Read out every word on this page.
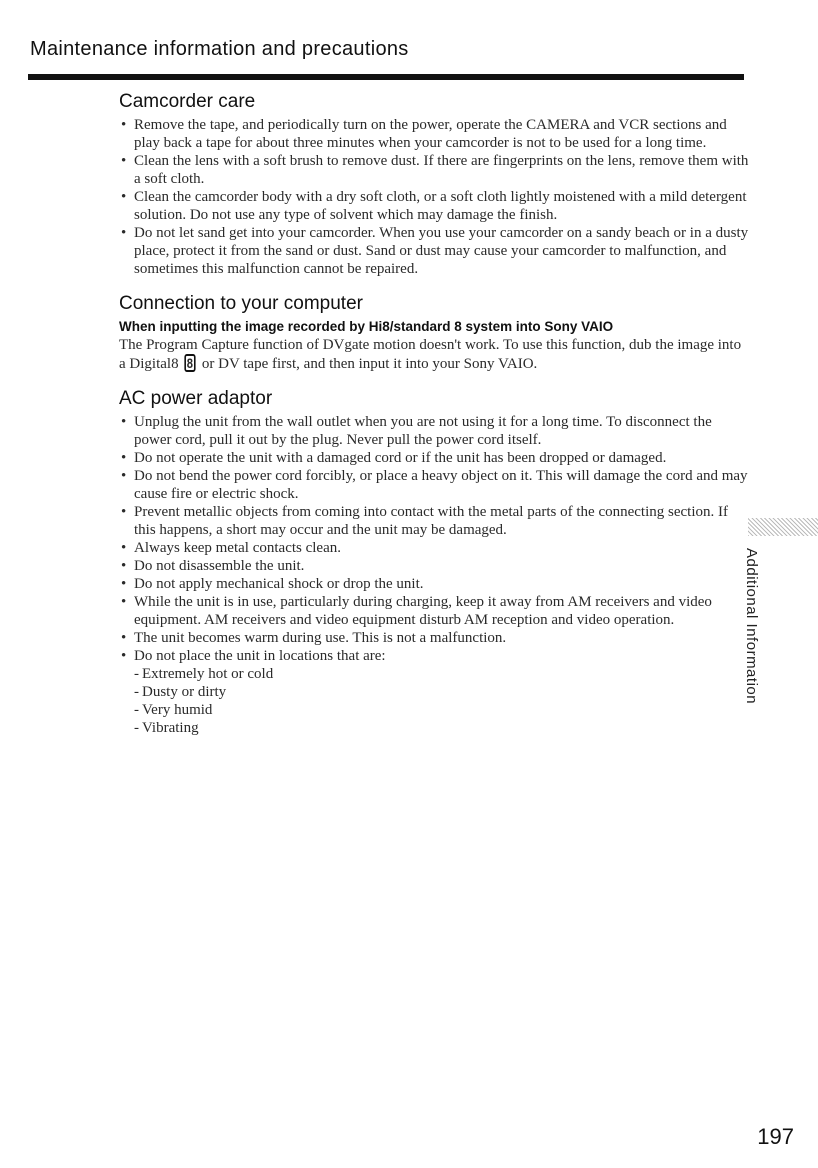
Maintenance information and precautions
Camcorder care
• Remove the tape, and periodically turn on the power, operate the CAMERA and VCR sections and play back a tape for about three minutes when your camcorder is not to be used for a long time.
• Clean the lens with a soft brush to remove dust. If there are fingerprints on the lens, remove them with a soft cloth.
• Clean the camcorder body with a dry soft cloth, or a soft cloth lightly moistened with a mild detergent solution. Do not use any type of solvent which may damage the finish.
• Do not let sand get into your camcorder. When you use your camcorder on a sandy beach or in a dusty place, protect it from the sand or dust. Sand or dust may cause your camcorder to malfunction, and sometimes this malfunction cannot be repaired.
Connection to your computer
When inputting the image recorded by Hi8/standard 8 system into Sony VAIO
The Program Capture function of DVgate motion doesn't work. To use this function, dub the image into a Digital8 8 or DV tape first, and then input it into your Sony VAIO.
AC power adaptor
• Unplug the unit from the wall outlet when you are not using it for a long time. To disconnect the power cord, pull it out by the plug. Never pull the power cord itself.
• Do not operate the unit with a damaged cord or if the unit has been dropped or damaged.
• Do not bend the power cord forcibly, or place a heavy object on it. This will damage the cord and may cause fire or electric shock.
• Prevent metallic objects from coming into contact with the metal parts of the connecting section. If this happens, a short may occur and the unit may be damaged.
• Always keep metal contacts clean.
• Do not disassemble the unit.
• Do not apply mechanical shock or drop the unit.
• While the unit is in use, particularly during charging, keep it away from AM receivers and video equipment. AM receivers and video equipment disturb AM reception and video operation.
• The unit becomes warm during use. This is not a malfunction.
• Do not place the unit in locations that are:
- Extremely hot or cold
- Dusty or dirty
- Very humid
- Vibrating
Additional Information
197
